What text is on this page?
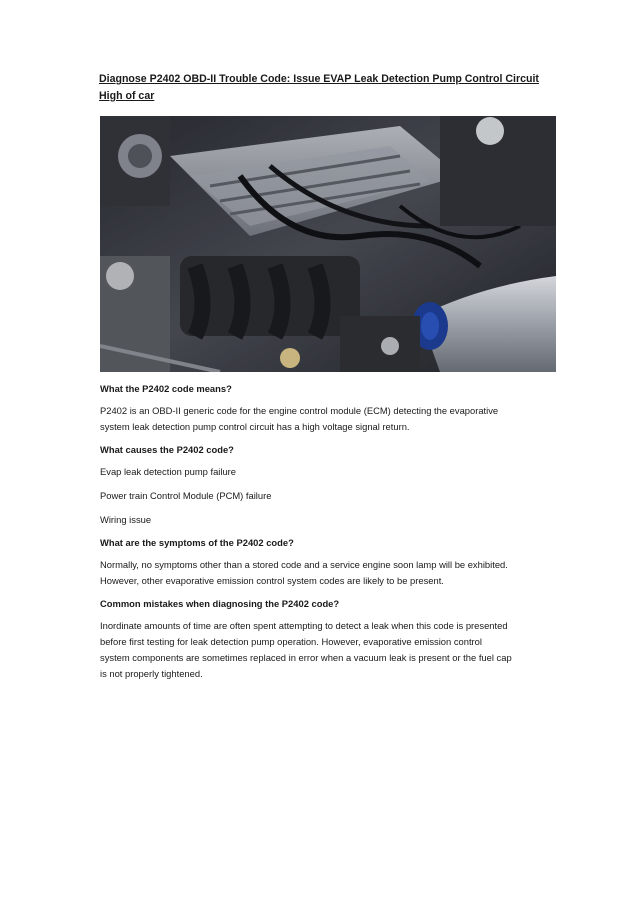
Diagnose P2402 OBD-II Trouble Code: Issue EVAP Leak Detection Pump Control Circuit
High of car

What the P2402 code means?

P2402 is an OBD-II generic code for the engine control module (ECM) detecting the evaporative
system leak detection pump control circuit has a high voltage signal return.

What causes the P2402 code?

Evap leak detection pump failure

Power train Control Module (PCM) failure

Wiring issue

What are the symptoms of the P2402 code?

Normally, no symptoms other than a stored code and a service engine soon lamp will be exhibited.
However, other evaporative emission control system codes are likely to be present.

Common mistakes when diagnosing the P2402 code?

Inordinate amounts of time are often spent attempting to detect a leak when this code is presented
before first testing for leak detection pump operation. However, evaporative emission control
system components are sometimes replaced in error when a vacuum leak is present or the fuel cap
is not properly tightened.
